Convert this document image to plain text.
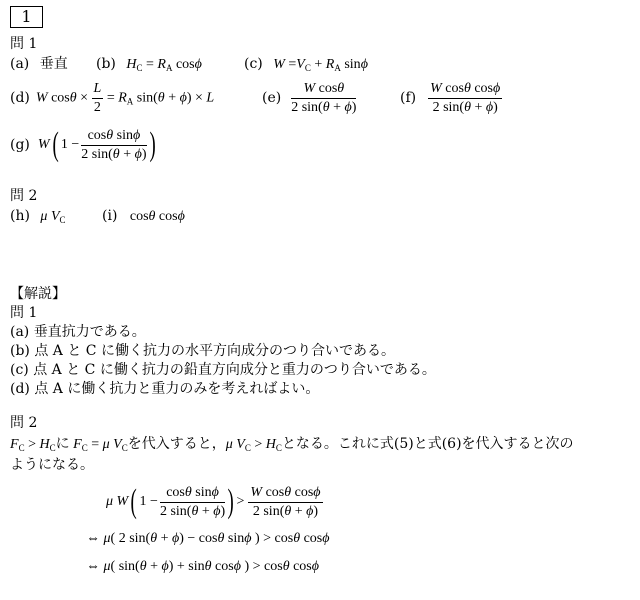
1
問 1
(a) 垂直 (b) $H_C = R_A$ cosϕ	(c) $W =V_C + R_A$ sinϕ
(d) W $\cos\theta \times \frac{L}{2} = R_A$ sin(θ + ϕ) × L	$(e) \frac{\text{W cosθ}}{2 \sin(\theta + \phi)}$	$(f) \frac{\text{W cosθ cosϕ}}{2 \sin(\theta + \phi)}$
(g) W ( $1 - \frac{\text{cosθ sinϕ}}{2 \sin(\theta + \phi)}$ )
問 2
(h) μ $V_C$	(i) cosθ cosϕ
【解説】
問 1
(a) 垂直抗力である。
(b) 点 A と C に働く抗力の水平方向成分のつり合いである。
(c) 点 A と C に働く抗力の鉛直方向成分と重力のつり合いである。
(d) 点 A に働く抗力と重力のみを考えればよい。
問 2
$F_C > H_C$に $F_C = \mu$ $V_C$を代入すると，μ $V_C > H_C$となる。これに式(5)と式(6)を代入すると次の
ようになる。
μ
W ( $1 - \frac{\text{cosθ sinϕ}}{2 \sin(\theta + \phi)}$ ) > $\frac{\text{W cosθ cosϕ}}{2 \sin(\theta + \phi)}$
⇔ μ( 2 sin(θ + ϕ) − cosθ sinϕ ) > cosθ cosϕ
⇔ μ( sin(θ + ϕ) + sinθ cosϕ ) > cosθ cosϕ
